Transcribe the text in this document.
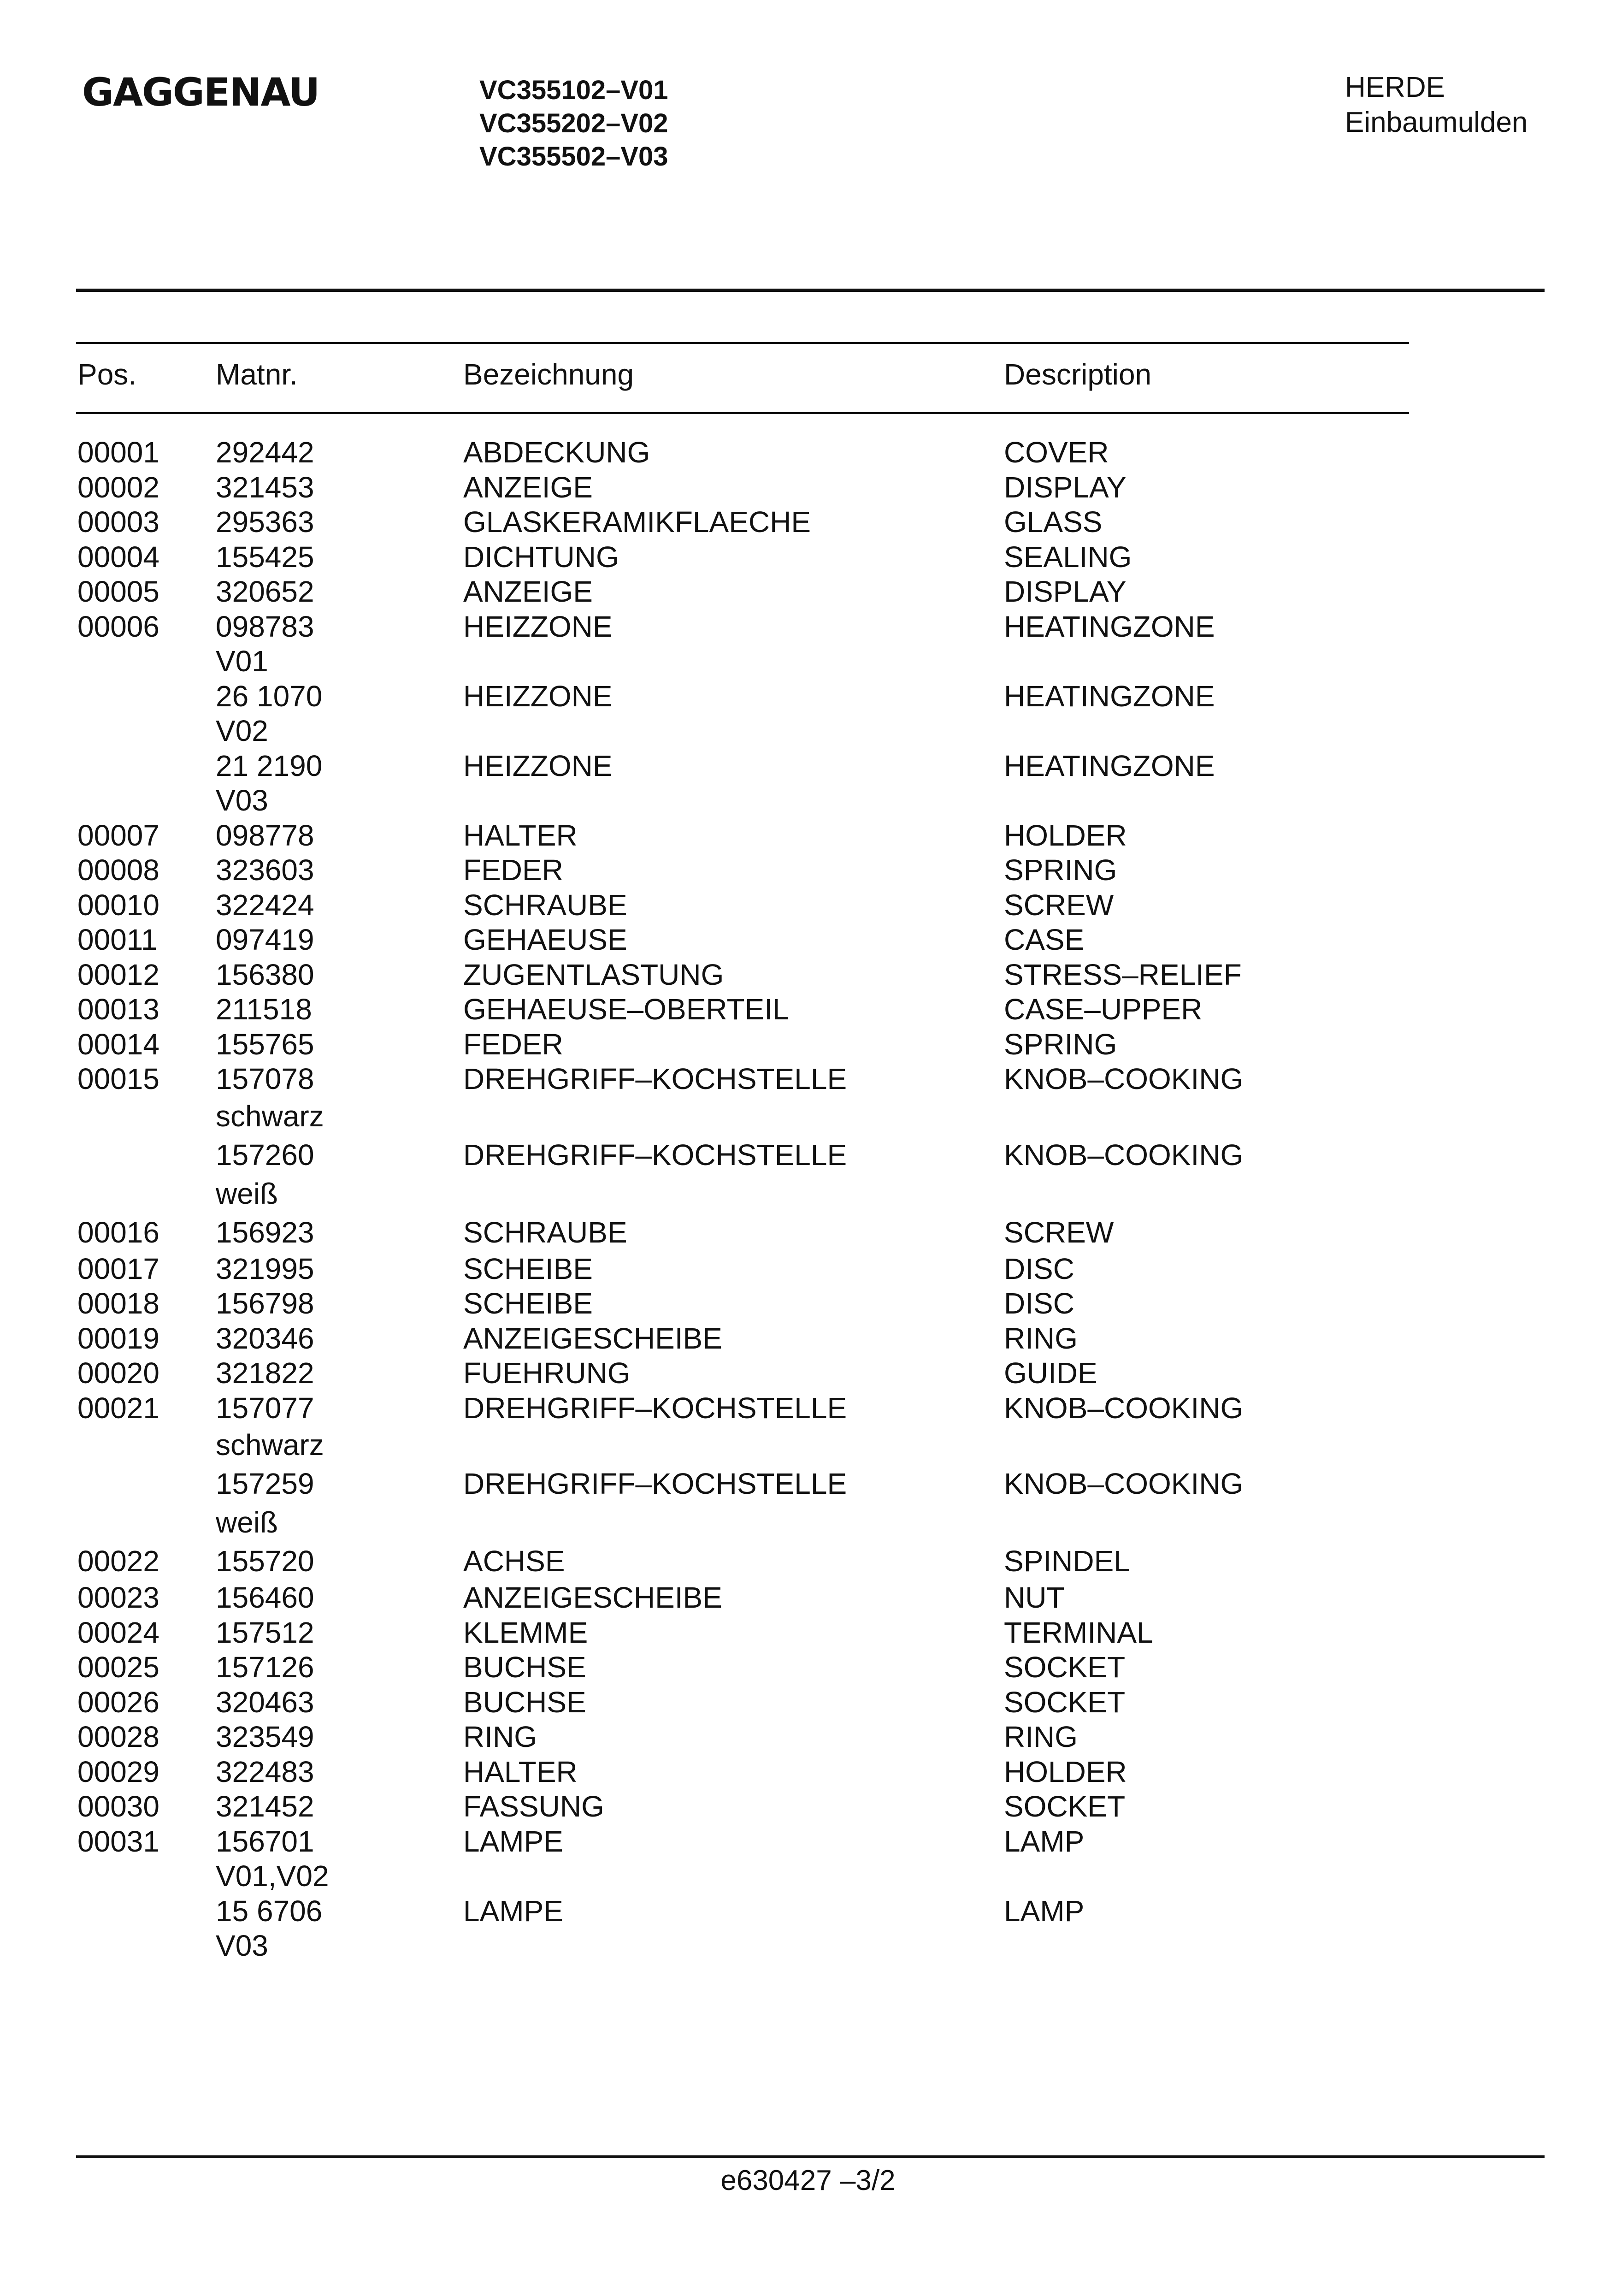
GAGGENAU	VC355102–V01
VC355202–V02
VC355502–V03
HERDE
Einbaumulden
Pos.	Matnr.	Bezeichnung	Description
00001 292442	ABDECKUNG	COVER
00002 321453	ANZEIGE	DISPLAY
00003 295363	GLASKERAMIKFLAECHE	GLASS
00004 155425	DICHTUNG	SEALING
00005 320652	ANZEIGE	DISPLAY
00006 098783	HEIZZONE	HEATINGZONE
V01
26 1070	HEIZZONE	HEATINGZONE
V02
21 2190	HEIZZONE	HEATINGZONE
V03
00007 098778	HALTER	HOLDER
00008 323603	FEDER	SPRING
00010 322424	SCHRAUBE	SCREW
00011 097419	GEHAEUSE	CASE
00012 156380	ZUGENTLASTUNG	STRESS–RELIEF
00013 211518	GEHAEUSE–OBERTEIL	CASE–UPPER
00014 155765	FEDER	SPRING
00015 157078	DREHGRIFF–KOCHSTELLE	KNOB–COOKING
schwarz
157260	DREHGRIFF–KOCHSTELLE	KNOB–COOKING
weiß
00016 156923	SCHRAUBE	SCREW
00017 321995	SCHEIBE	DISC
00018 156798	SCHEIBE	DISC
00019 320346	ANZEIGESCHEIBE	RING
00020 321822	FUEHRUNG	GUIDE
00021 157077	DREHGRIFF–KOCHSTELLE	KNOB–COOKING
schwarz
157259	DREHGRIFF–KOCHSTELLE	KNOB–COOKING
weiß
00022 155720	ACHSE	SPINDEL
00023 156460	ANZEIGESCHEIBE	NUT
00024 157512	KLEMME	TERMINAL
00025 157126	BUCHSE	SOCKET
00026 320463	BUCHSE	SOCKET
00028 323549	RING	RING
00029 322483	HALTER	HOLDER
00030 321452	FASSUNG	SOCKET
00031 156701	LAMPE	LAMP
V01,V02
15 6706	LAMPE	LAMP
V03
e630427 –3/2
